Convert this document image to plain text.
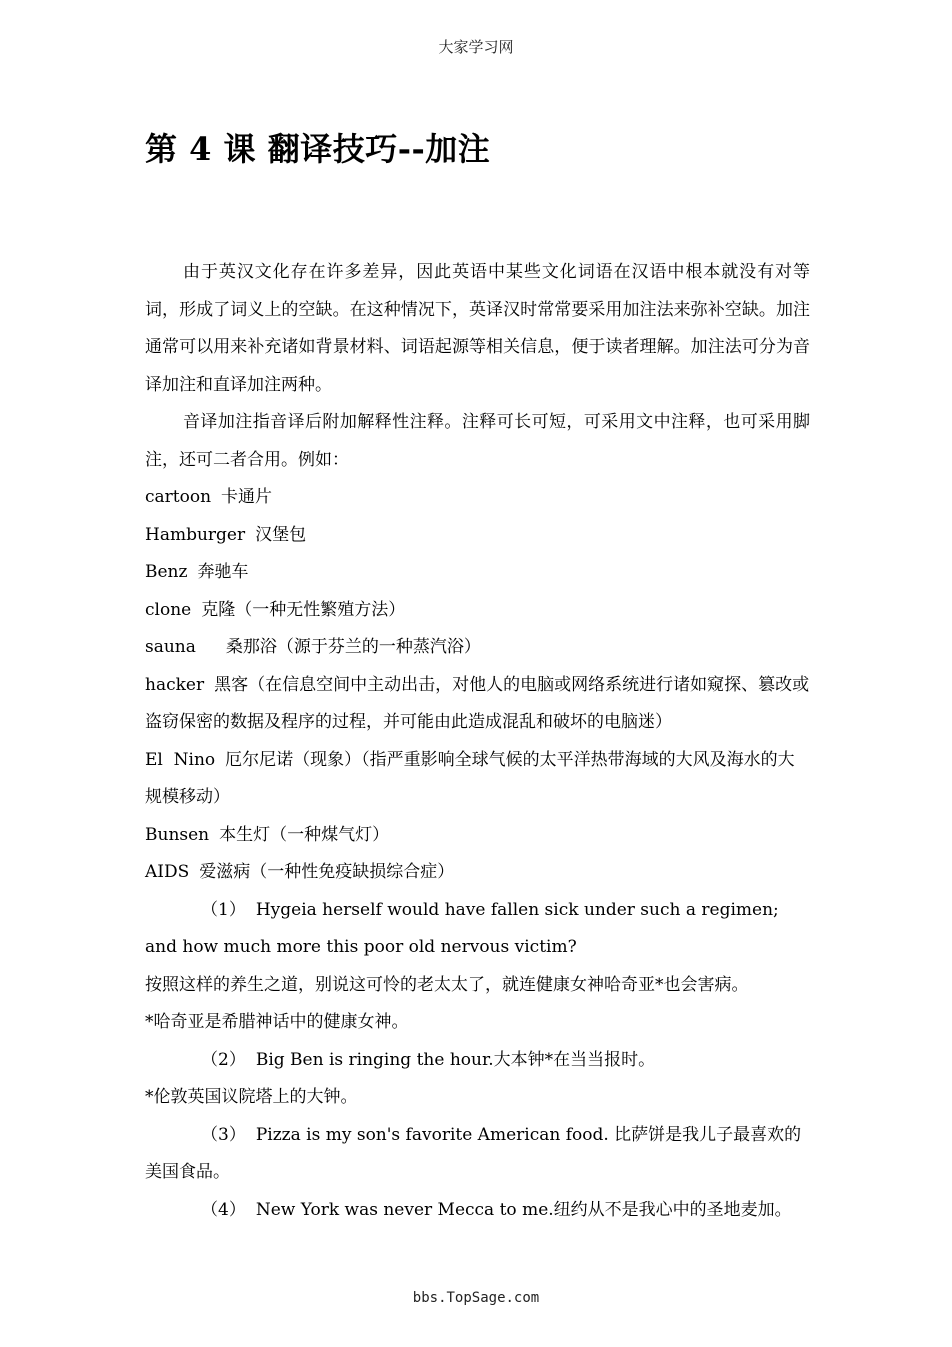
大家学习网
第 4 课 翻译技巧--加注

由于英汉文化存在许多差异，因此英语中某些文化词语在汉语中根本就没有对等词，形成了词义上的空缺。在这种情况下，英译汉时常常要采用加注法来弥补空缺。加注通常可以用来补充诸如背景材料、词语起源等相关信息，便于读者理解。加注法可分为音译加注和直译加注两种。

音译加注指音译后附加解释性注释。注释可长可短，可采用文中注释，也可采用脚注，还可二者合用。例如：

cartoon 卡通片

Hamburger 汉堡包

Benz 奔驰车

clone 克隆（一种无性繁殖方法）

sauna 桑那浴（源于芬兰的一种蒸汽浴）

hacker 黑客（在信息空间中主动出击，对他人的电脑或网络系统进行诸如窥探、篡改或盗窃保密的数据及程序的过程，并可能由此造成混乱和破坏的电脑迷）

El  Nino 厄尔尼诺（现象）（指严重影响全球气候的太平洋热带海域的大风及海水的大规模移动）

Bunsen 本生灯（一种煤气灯）

AIDS 爱滋病（一种性免疫缺损综合症）

（1） Hygeia herself would have fallen sick under such a regimen; and how much more this poor old nervous victim?

按照这样的养生之道，别说这可怜的老太太了，就连健康女神哈奇亚*也会害病。

*哈奇亚是希腊神话中的健康女神。

（2） Big Ben is ringing the hour.大本钟*在当当报时。

*伦敦英国议院塔上的大钟。

（3） Pizza is my son's favorite American food. 比萨饼是我儿子最喜欢的美国食品。

（4） New York was never Mecca to me.纽约从不是我心中的圣地麦加。

bbs.TopSage.com
